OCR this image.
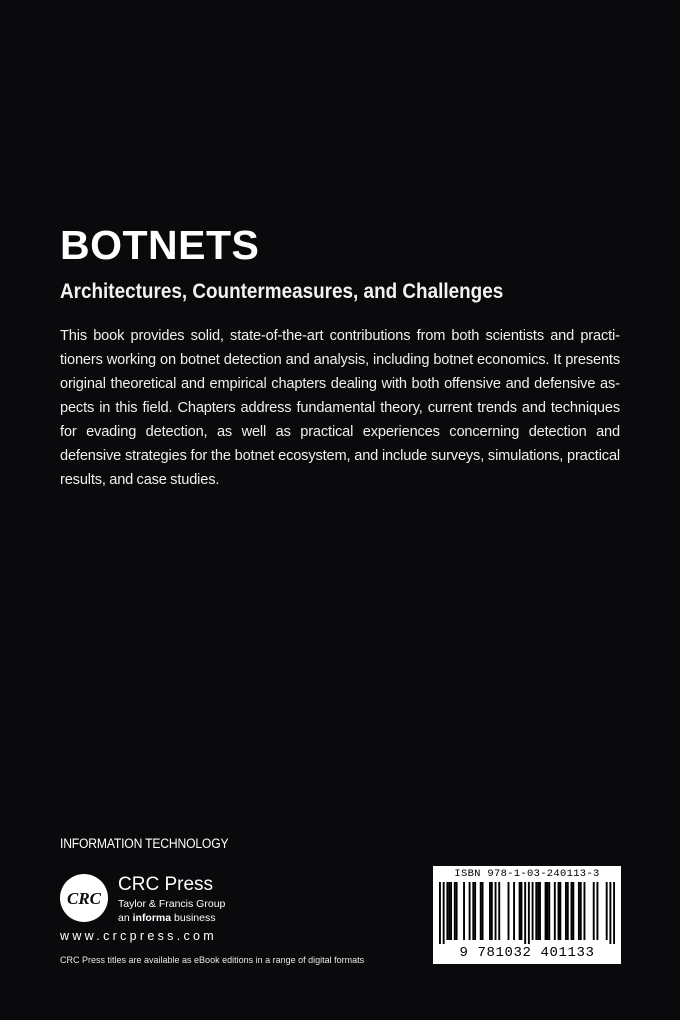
BOTNETS
Architectures, Countermeasures, and Challenges

This book provides solid, state-of-the-art contributions from both scientists and practitioners working on botnet detection and analysis, including botnet economics. It presents original theoretical and empirical chapters dealing with both offensive and defensive aspects in this field. Chapters address fundamental theory, current trends and techniques for evading detection, as well as practical experiences concerning detection and defensive strategies for the botnet ecosystem, and include surveys, simulations, practical results, and case studies.

INFORMATION TECHNOLOGY
CRC
CRC Press
Taylor & Francis Group
an informa business
www.crcpress.com
CRC Press titles are available as eBook editions in a range of digital formats
ISBN 978-1-03-240113-3
9 781032 401133
